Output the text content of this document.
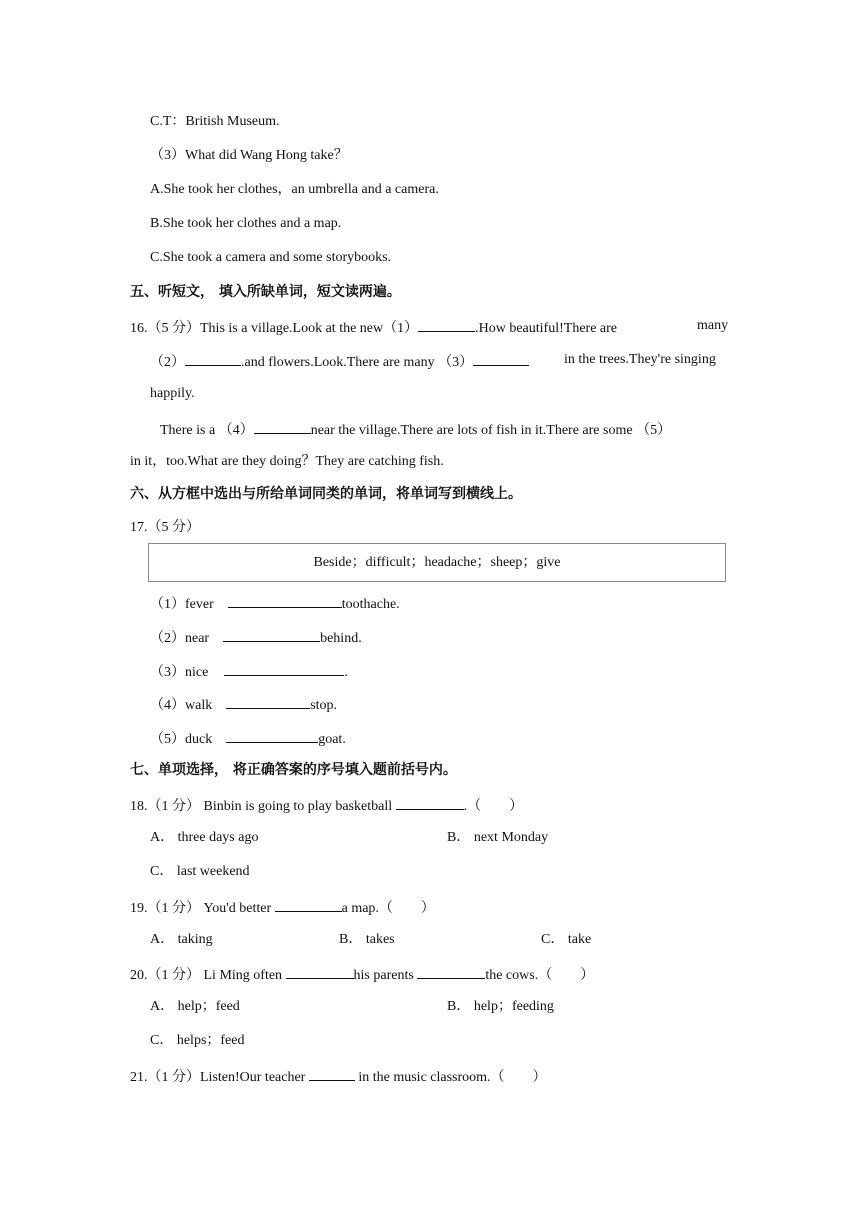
C.T：British Museum.
（3）What did Wang Hong take？
A.She took her clothes，an umbrella and a camera.
B.She took her clothes and a map.
C.She took a camera and some storybooks.
五、听短文， 填入所缺单词，短文读两遍。
16.（5 分）This is a village.Look at the new（1）	.How beautiful!There are	many
（2）	.and flowers.Look.There are many （3）	in the trees.They're singing
happily.
There is a （4）	near the village.There are lots of fish in it.There are some （5）
in it，too.What are they doing？They are catching fish.
六、从方框中选出与所给单词同类的单词，将单词写到横线上。
17.（5 分）
Beside；difficult；headache；sheep；give
（1）fever	toothache.
（2）near	behind.
（3）nice	.
（4）walk	stop.
（5）duck	goat.
七、单项选择， 将正确答案的序号填入题前括号内。
18.（1 分） Binbin is going to play basketball	.（　　）
A． three days ago	B． next Monday
C． last weekend
19.（1 分） You'd better	a map.（　　）
A． taking	B． takes	C． take
20.（1 分） Li Ming often	his parents	the cows.（　　）
A． help；feed	B． help；feeding
C． helps；feed
21.（1 分）Listen!Our teacher	in the music classroom.（　　）
